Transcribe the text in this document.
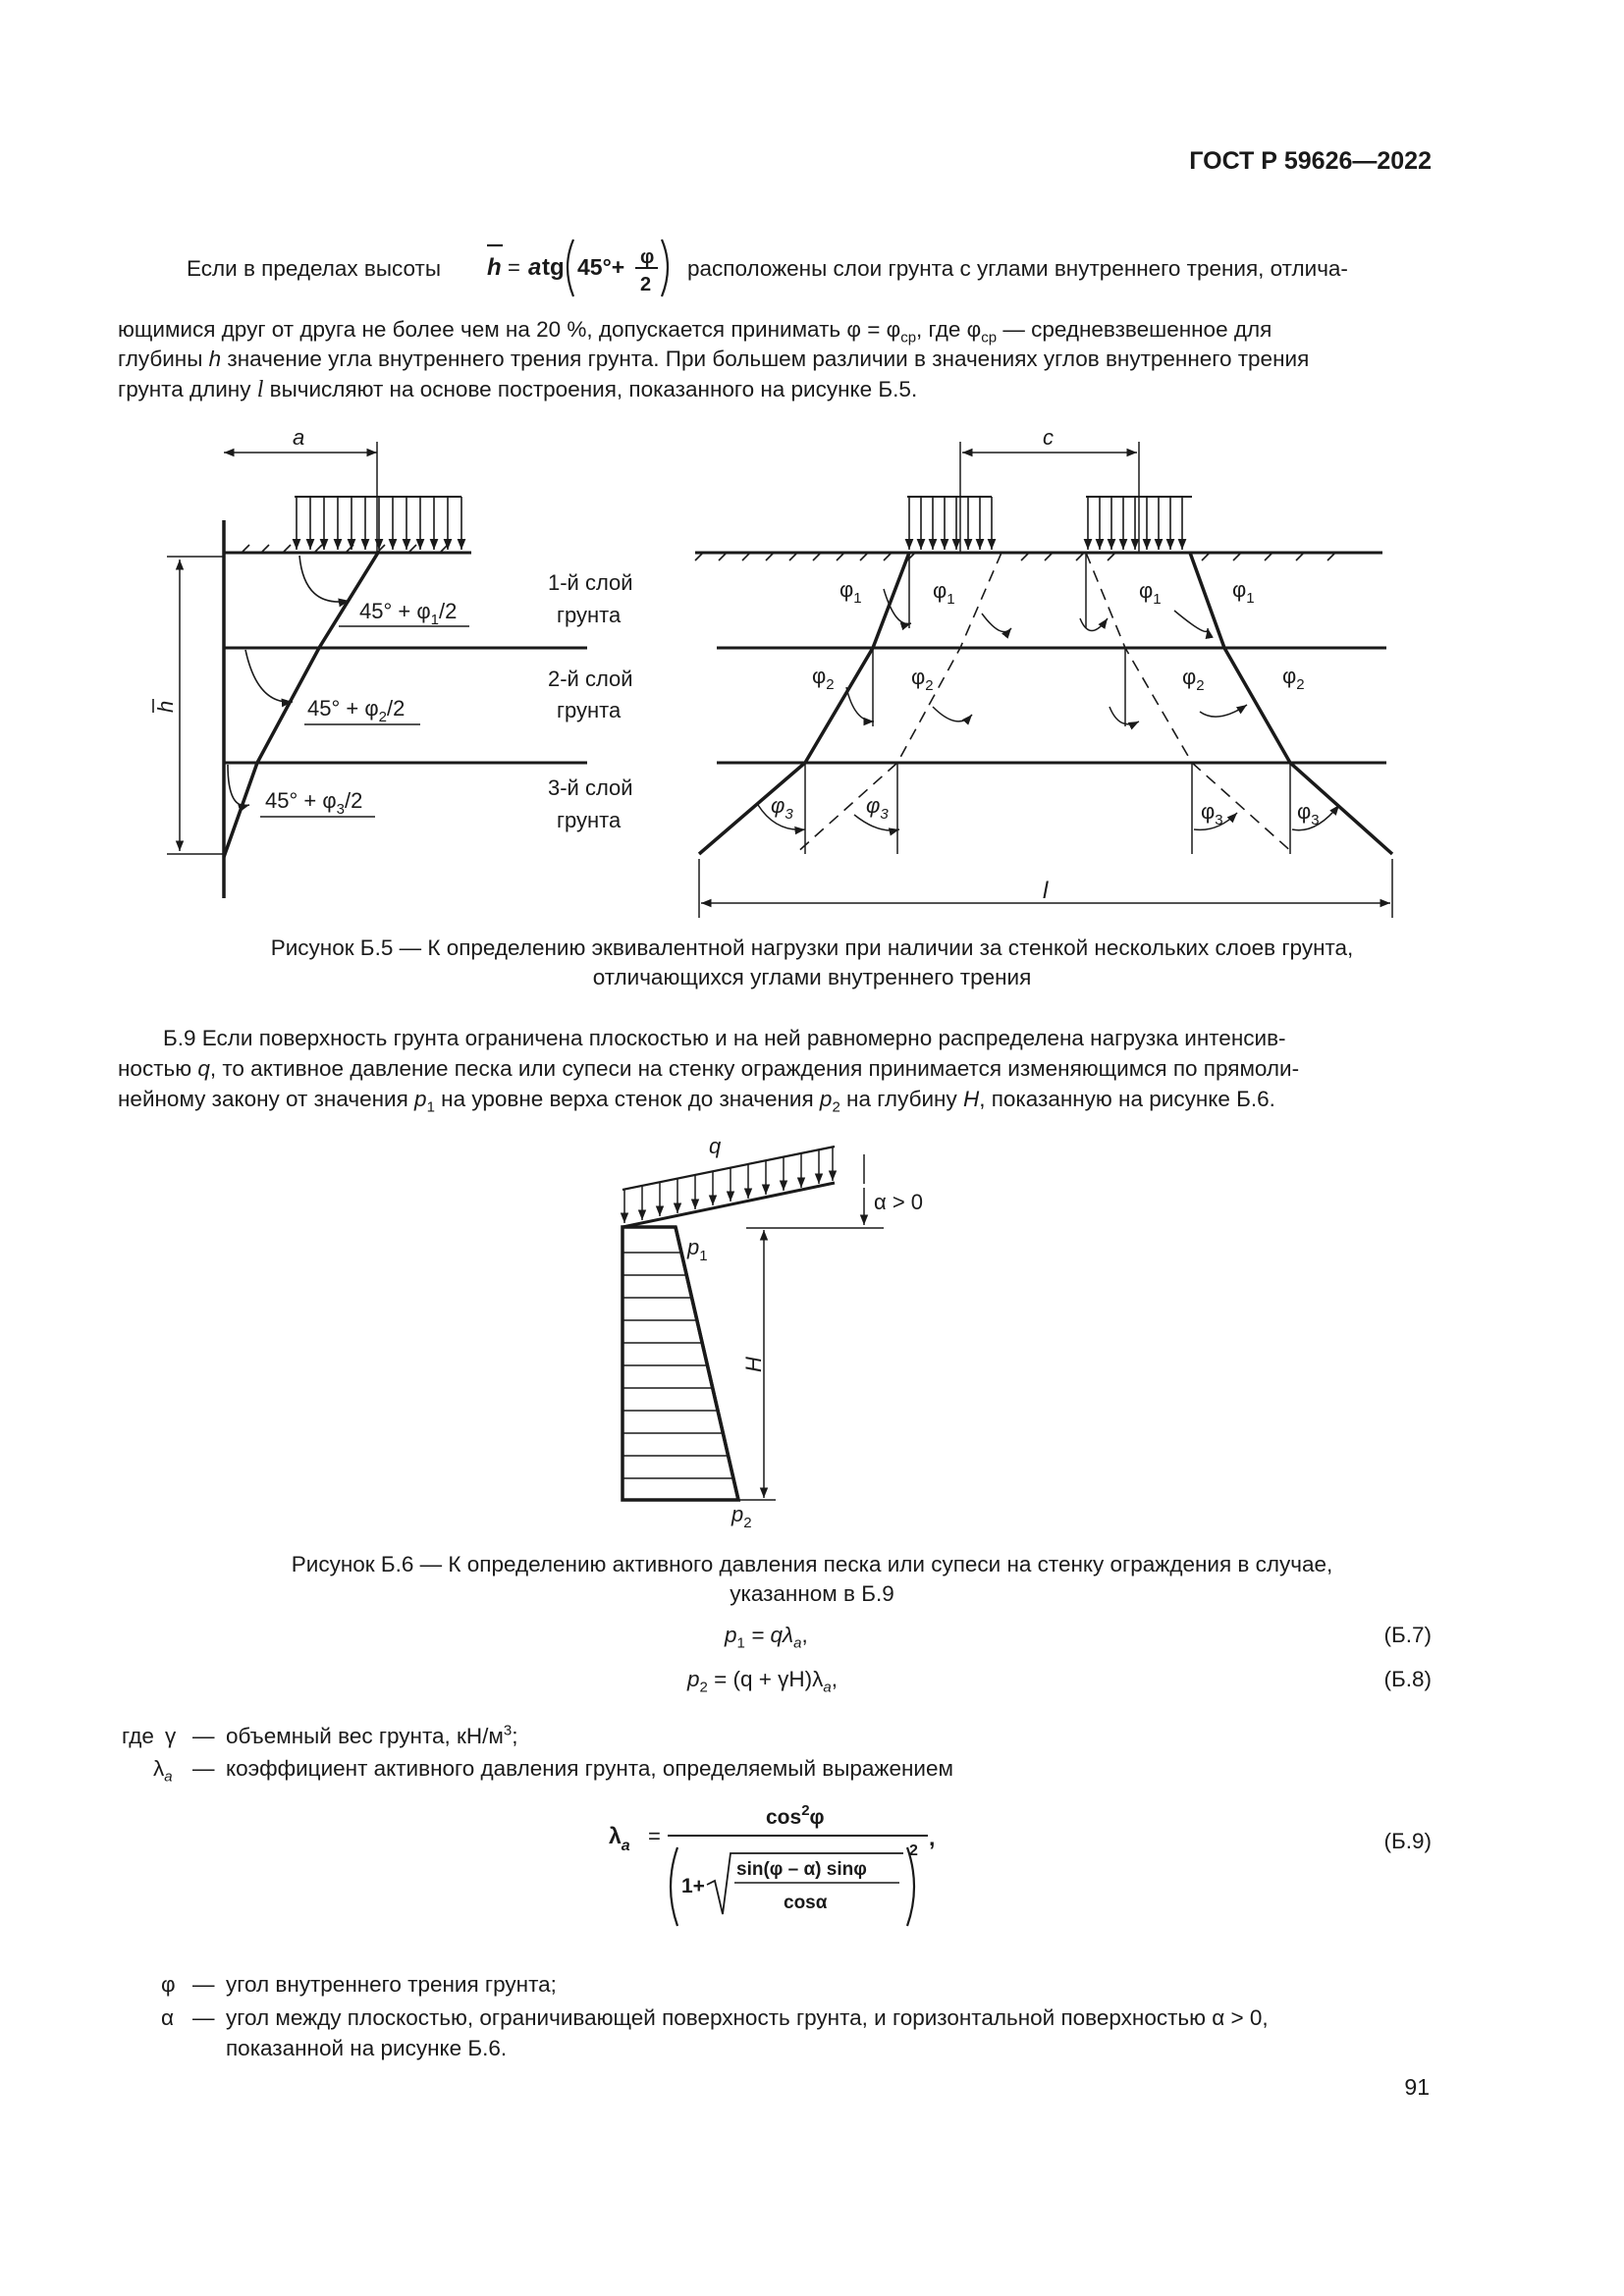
ГОСТ Р 59626—2022
Если в пределах высоты h = a tg 45°+ φ
2
расположены слои грунта с углами внутреннего трения, отлича-
ющимися друг от друга не более чем на 20 %, допускается принимать $\varphi = \varphi_{ср}$, где $\varphi_{ср}$ — средневзвешенное для
глубины h значение угла внутреннего трения грунта. При большем различии в значениях углов внутреннего трения
грунта длину l вычисляют на основе построения, показанного на рисунке Б.5.
a	c
l
h
$45^\circ + \varphi_1/2$
$45^\circ + \varphi_2/2$
$45^\circ + \varphi_3/2$
1-й слой
грунта
2-й слой
грунта
3-й слой
грунта
$\varphi_1$	$\varphi_1$	$\varphi_1$	$\varphi_1$
$\varphi_2$	$\varphi_2$	$\varphi_2$	$\varphi_2$
$\varphi_3$	$\varphi_3$	$\varphi_3$	$\varphi_3$
Рисунок Б.5 — К определению эквивалентной нагрузки при наличии за стенкой нескольких слоев грунта,
отличающихся углами внутреннего трения
Б.9 Если поверхность грунта ограничена плоскостью и на ней равномерно распределена нагрузка интенсив-
ностью q, то активное давление песка или супеси на стенку ограждения принимается изменяющимся по прямоли-
нейному закону от значения $p_1$ на уровне верха стенок до значения $p_2$ на глубину H, показанную на рисунке Б.6.
q
α > 0
$p_1$
$p_2$
H
Рисунок Б.6 — К определению активного давления песка или супеси на стенку ограждения в случае,
указанном в Б.9
$p_1 = q\lambda_a$,	(Б.7)
$p_2 = (q + \gamma H)\lambda_a$,	(Б.8)
где γ — объемный вес грунта, $кН/м^3$;
$\lambda_a$ — коэффициент активного давления грунта, определяемый выражением
$\lambda_a$ =
$\cos^2\varphi$
1+
sin(φ – α) sinφ
cosα
2
,	(Б.9)
φ — угол внутреннего трения грунта;
α — угол между плоскостью, ограничивающей поверхность грунта, и горизонтальной поверхностью α > 0,
показанной на рисунке Б.6.
91
